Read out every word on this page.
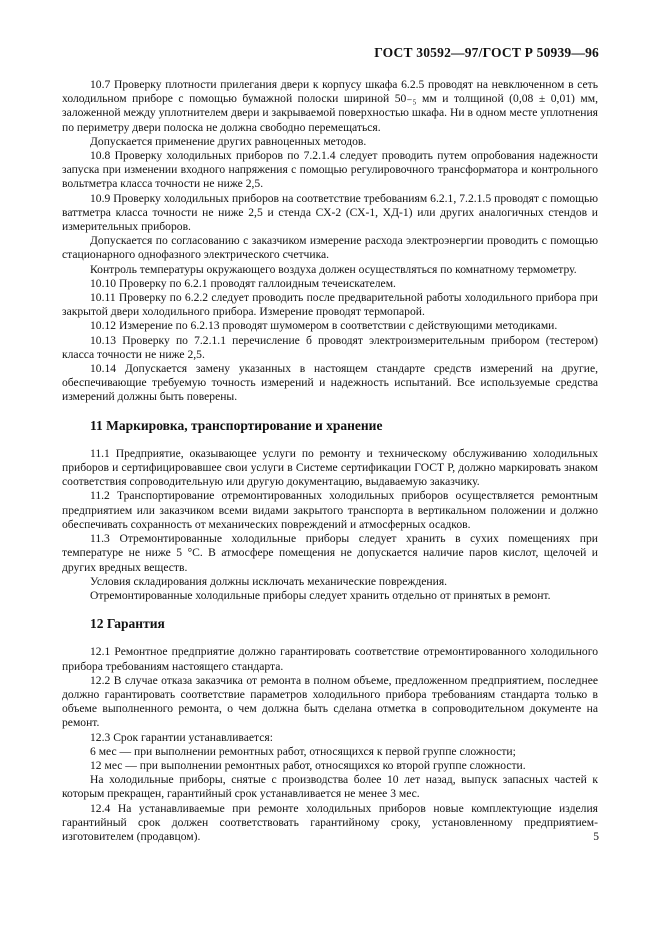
ГОСТ 30592—97/ГОСТ Р 50939—96

10.7 Проверку плотности прилегания двери к корпусу шкафа 6.2.5 проводят на невключенном в сеть холодильном приборе с помощью бумажной полоски шириной 50₋₅ мм и толщиной (0,08 ± 0,01) мм, заложенной между уплотнителем двери и закрываемой поверхностью шкафа. Ни в одном месте уплотнения по периметру двери полоска не должна свободно перемещаться.

Допускается применение других равноценных методов.

10.8 Проверку холодильных приборов по 7.2.1.4 следует проводить путем опробования надежности запуска при изменении входного напряжения с помощью регулировочного трансформатора и контрольного вольтметра класса точности не ниже 2,5.

10.9 Проверку холодильных приборов на соответствие требованиям 6.2.1, 7.2.1.5 проводят с помощью ваттметра класса точности не ниже 2,5 и стенда СХ-2 (СХ-1, ХД-1) или других аналогичных стендов и измерительных приборов.

Допускается по согласованию с заказчиком измерение расхода электроэнергии проводить с помощью стационарного однофазного электрического счетчика.

Контроль температуры окружающего воздуха должен осуществляться по комнатному термометру.

10.10 Проверку по 6.2.1 проводят галлоидным течеискателем.

10.11 Проверку по 6.2.2 следует проводить после предварительной работы холодильного прибора при закрытой двери холодильного прибора. Измерение проводят термопарой.

10.12 Измерение по 6.2.13 проводят шумомером в соответствии с действующими методиками.

10.13 Проверку по 7.2.1.1 перечисление б проводят электроизмерительным прибором (тестером) класса точности не ниже 2,5.

10.14 Допускается замену указанных в настоящем стандарте средств измерений на другие, обеспечивающие требуемую точность измерений и надежность испытаний. Все используемые средства измерений должны быть поверены.

11 Маркировка, транспортирование и хранение

11.1 Предприятие, оказывающее услуги по ремонту и техническому обслуживанию холодильных приборов и сертифицировавшее свои услуги в Системе сертификации ГОСТ Р, должно маркировать знаком соответствия сопроводительную или другую документацию, выдаваемую заказчику.

11.2 Транспортирование отремонтированных холодильных приборов осуществляется ремонтным предприятием или заказчиком всеми видами закрытого транспорта в вертикальном положении и должно обеспечивать сохранность от механических повреждений и атмосферных осадков.

11.3 Отремонтированные холодильные приборы следует хранить в сухих помещениях при температуре не ниже 5 °С. В атмосфере помещения не допускается наличие паров кислот, щелочей и других вредных веществ.

Условия складирования должны исключать механические повреждения.

Отремонтированные холодильные приборы следует хранить отдельно от принятых в ремонт.

12 Гарантия

12.1 Ремонтное предприятие должно гарантировать соответствие отремонтированного холодильного прибора требованиям настоящего стандарта.

12.2 В случае отказа заказчика от ремонта в полном объеме, предложенном предприятием, последнее должно гарантировать соответствие параметров холодильного прибора требованиям стандарта только в объеме выполненного ремонта, о чем должна быть сделана отметка в сопроводительном документе на ремонт.

12.3 Срок гарантии устанавливается:

6 мес — при выполнении ремонтных работ, относящихся к первой группе сложности;

12 мес — при выполнении ремонтных работ, относящихся ко второй группе сложности.

На холодильные приборы, снятые с производства более 10 лет назад, выпуск запасных частей к которым прекращен, гарантийный срок устанавливается не менее 3 мес.

12.4 На устанавливаемые при ремонте холодильных приборов новые комплектующие изделия гарантийный срок должен соответствовать гарантийному сроку, установленному предприятием-изготовителем (продавцом).	5
